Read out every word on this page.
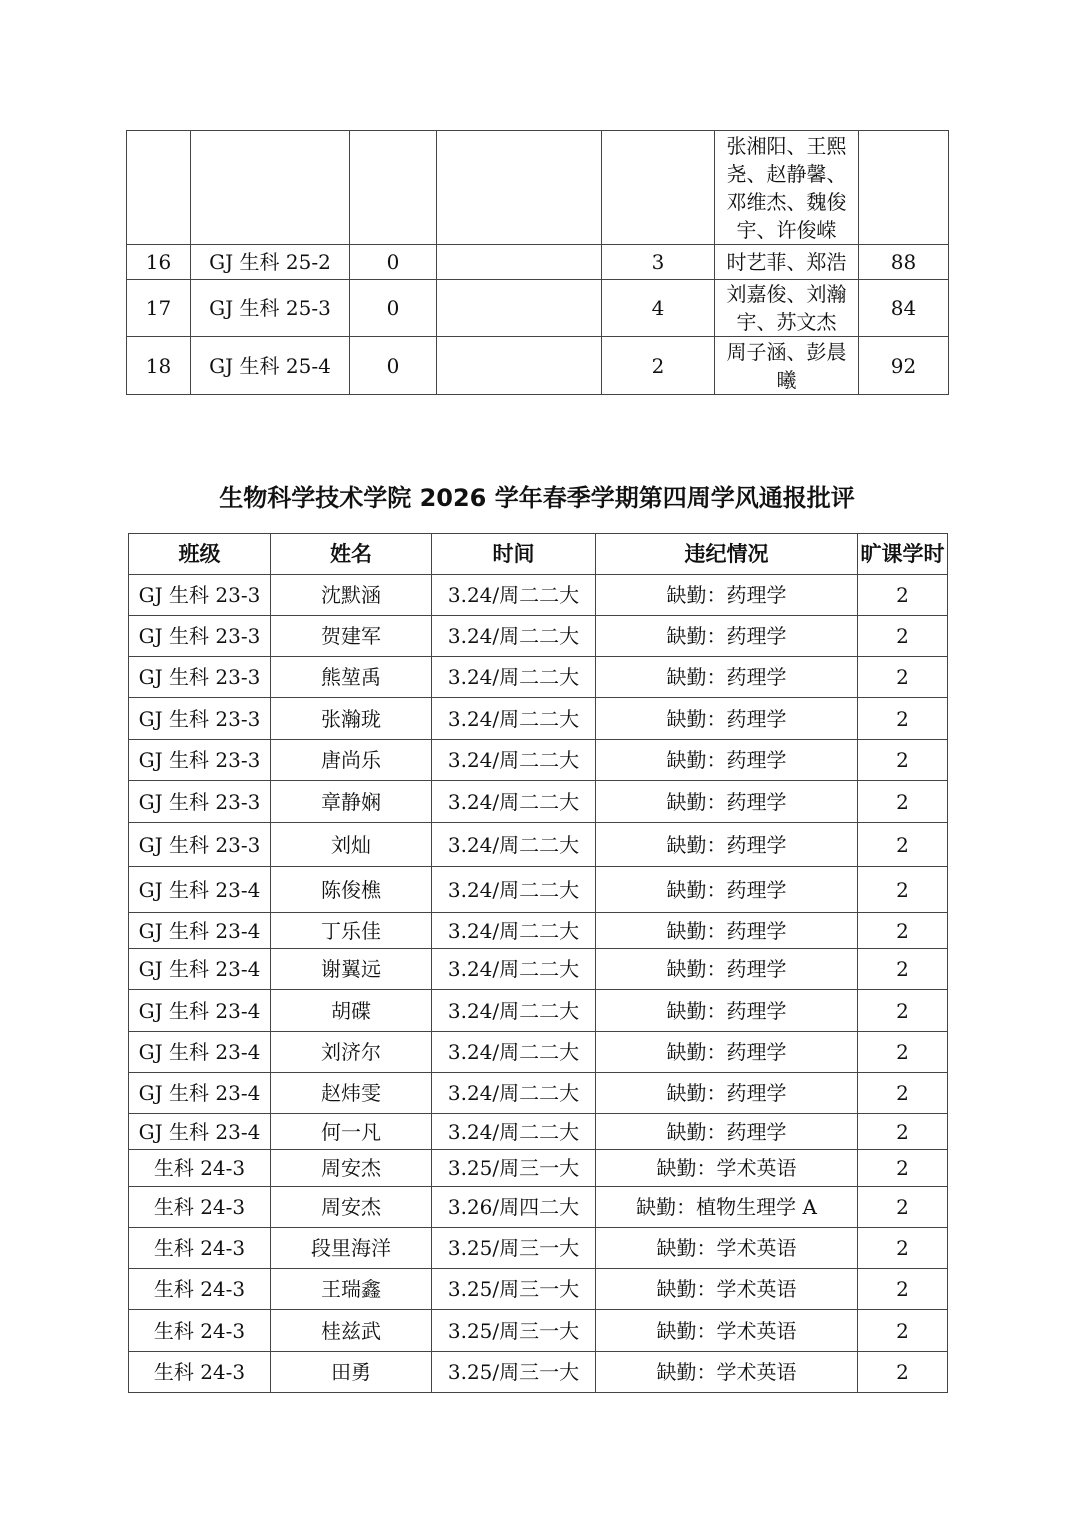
					张湘阳、王熙尧、赵静馨、邓维杰、魏俊宇、许俊嵘	
16	GJ 生科 25-2	0		3	时艺菲、郑浩	88
17	GJ 生科 25-3	0		4	刘嘉俊、刘瀚宇、苏文杰	84
18	GJ 生科 25-4	0		2	周子涵、彭晨曦	92
生物科学技术学院 2026 学年春季学期第四周学风通报批评
班级	姓名	时间	违纪情况	旷课学时
GJ 生科 23-3	沈默涵	3.24/周二二大	缺勤：药理学	2
GJ 生科 23-3	贺建军	3.24/周二二大	缺勤：药理学	2
GJ 生科 23-3	熊堃禹	3.24/周二二大	缺勤：药理学	2
GJ 生科 23-3	张瀚珑	3.24/周二二大	缺勤：药理学	2
GJ 生科 23-3	唐尚乐	3.24/周二二大	缺勤：药理学	2
GJ 生科 23-3	章静娴	3.24/周二二大	缺勤：药理学	2
GJ 生科 23-3	刘灿	3.24/周二二大	缺勤：药理学	2
GJ 生科 23-4	陈俊樵	3.24/周二二大	缺勤：药理学	2
GJ 生科 23-4	丁乐佳	3.24/周二二大	缺勤：药理学	2
GJ 生科 23-4	谢翼远	3.24/周二二大	缺勤：药理学	2
GJ 生科 23-4	胡碟	3.24/周二二大	缺勤：药理学	2
GJ 生科 23-4	刘济尔	3.24/周二二大	缺勤：药理学	2
GJ 生科 23-4	赵炜雯	3.24/周二二大	缺勤：药理学	2
GJ 生科 23-4	何一凡	3.24/周二二大	缺勤：药理学	2
生科 24-3	周安杰	3.25/周三一大	缺勤：学术英语	2
生科 24-3	周安杰	3.26/周四二大	缺勤：植物生理学 A	2
生科 24-3	段里海洋	3.25/周三一大	缺勤：学术英语	2
生科 24-3	王瑞鑫	3.25/周三一大	缺勤：学术英语	2
生科 24-3	桂兹武	3.25/周三一大	缺勤：学术英语	2
生科 24-3	田勇	3.25/周三一大	缺勤：学术英语	2
